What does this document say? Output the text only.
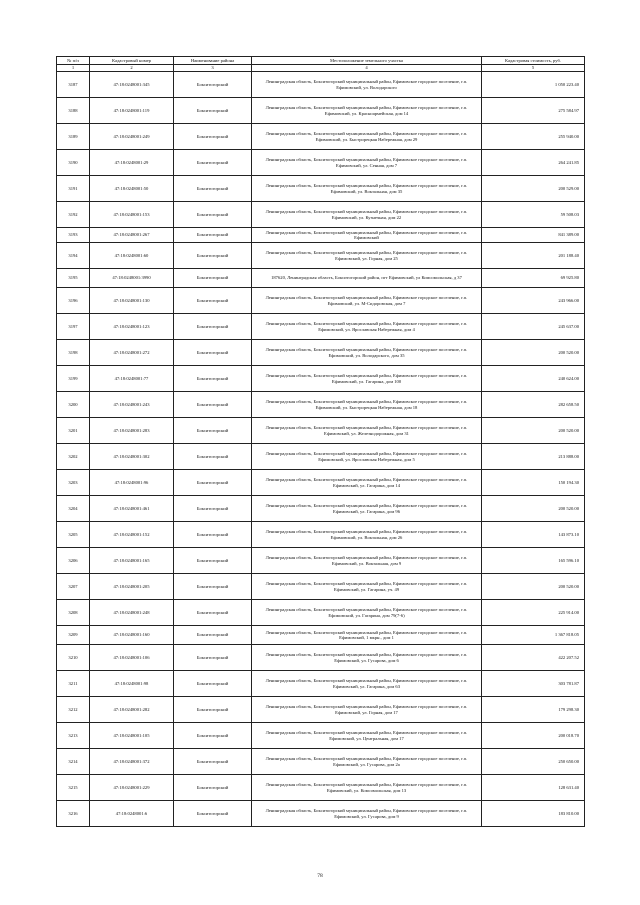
№ п/п	Кадастровый номер	Наименование района	Местоположение земельного участка	Кадастровая стоимость, руб.
1	2	3	4	5
3187	47:18:0248001:345	Бокситогорский	Ленинградская область, Бокситогорский муниципальный район, Ефимовское городское поселение, г.п. Ефимовский, ул. Володарского	1 050 223.40
3188	47:18:0248001:119	Бокситогорский	Ленинградская область, Бокситогорский муниципальный район, Ефимовское городское поселение, г.п. Ефимовский, ул. Красноармейская, дом 14	275 584.97
3189	47:18:0248001:249	Бокситогорский	Ленинградская область, Бокситогорский муниципальный район, Ефимовское городское поселение, г.п. Ефимовский, ул. Быстрорецкая Набережная, дом 29	255 940.00
3190	47:18:0248001:29	Бокситогорский	Ленинградская область, Бокситогорский муниципальный район, Ефимовское городское поселение, г.п. Ефимовский, ул. Сенная, дом 7	264 241.85
3191	47:18:0248001:50	Бокситогорский	Ленинградская область, Бокситогорский муниципальный район, Ефимовское городское поселение, г.п. Ефимовский, ул. Вокзальная, дом 35	200 529.00
3192	47:18:0248001:153	Бокситогорский	Ленинградская область, Бокситогорский муниципальный район, Ефимовское городское поселение, г.п. Ефимовский, ул. Кузнечная, дом 22	59 508.03
3193	47:18:0248001:267	Бокситогорский	Ленинградская область, Бокситогорский муниципальный район, Ефимовское городское поселение, г.п. Ефимовский	841 389.00
3194	47:18:0248001:60	Бокситогорский	Ленинградская область, Бокситогорский муниципальный район, Ефимовское городское поселение, г.п. Ефимовский, ул. Горная, дом 25	201 188.40
3195	47:18:0248001:3990	Бокситогорский	187620, Ленинградская область, Бокситогорский район, пгт Ефимовский, ул Комсомольская, д 37	69 925.80
3196	47:18:0248001:130	Бокситогорский	Ленинградская область, Бокситогорский муниципальный район, Ефимовское городское поселение, г.п. Ефимовский, ул. М-Сидоровская, дом 7	243 966.00
3197	47:18:0248001:123	Бокситогорский	Ленинградская область, Бокситогорский муниципальный район, Ефимовское городское поселение, г.п. Ефимовский, ул. Ярославская Набережная, дом 4	245 637.00
3198	47:18:0248001:272	Бокситогорский	Ленинградская область, Бокситогорский муниципальный район, Ефимовское городское поселение, г.п. Ефимовский, ул. Володарского, дом 35	200 520.00
3199	47:18:0248001:77	Бокситогорский	Ленинградская область, Бокситогорский муниципальный район, Ефимовское городское поселение, г.п. Ефимовский, ул. Гагарина, дом 100	240 624.00
3200	47:18:0248001:243	Бокситогорский	Ленинградская область, Бокситогорский муниципальный район, Ефимовское городское поселение, г.п. Ефимовский, ул. Быстрорецкая Набережная, дом 18	282 658.50
3201	47:18:0248001:283	Бокситогорский	Ленинградская область, Бокситогорский муниципальный район, Ефимовское городское поселение, г.п. Ефимовский, ул. Железнодорожная, дом 31	200 520.00
3202	47:18:0248001:302	Бокситогорский	Ленинградская область, Бокситогорский муниципальный район, Ефимовское городское поселение, г.п. Ефимовский, ул. Ярославская Набережная, дом 5	213 888.00
3203	47:18:0248001:96	Бокситогорский	Ленинградская область, Бокситогорский муниципальный район, Ефимовское городское поселение, г.п. Ефимовский, ул. Гагарина, дом 14	150 194.30
3204	47:18:0248001:461	Бокситогорский	Ленинградская область, Бокситогорский муниципальный район, Ефимовское городское поселение, г.п. Ефимовский, ул. Гагарина, дом 96	200 520.00
3205	47:18:0248001:152	Бокситогорский	Ленинградская область, Бокситогорский муниципальный район, Ефимовское городское поселение, г.п. Ефимовский, ул. Вокзальная, дом 26	143 873.10
3206	47:18:0248001:165	Бокситогорский	Ленинградская область, Бокситогорский муниципальный район, Ефимовское городское поселение, г.п. Ефимовский, ул. Вокзальная, дом 9	165 596.10
3207	47:18:0248001:205	Бокситогорский	Ленинградская область, Бокситогорский муниципальный район, Ефимовское городское поселение, г.п. Ефимовский, ул. Гагарина, уч. 49	200 520.00
3208	47:18:0248001:248	Бокситогорский	Ленинградская область, Бокситогорский муниципальный район, Ефимовское городское поселение, г.п. Ефимовский, ул. Гагарина, дом 79(7-6)	225 914.00
3209	47:18:0248001:160	Бокситогорский	Ленинградская область, Бокситогорский муниципальный район, Ефимовское городское поселение, г.п. Ефимовский, 1 мкрн., дом 1	1 367 818.05
3210	47:18:0248001:106	Бокситогорский	Ленинградская область, Бокситогорский муниципальный район, Ефимовское городское поселение, г.п. Ефимовский, ул. Гусарова, дом 6	422 207.52
3211	47:18:0248001:98	Бокситогорский	Ленинградская область, Бокситогорский муниципальный район, Ефимовское городское поселение, г.п. Ефимовский, ул. Гагарина, дом 63	303 781.87
3212	47:18:0248001:282	Бокситогорский	Ленинградская область, Бокситогорский муниципальный район, Ефимовское городское поселение, г.п. Ефимовский, ул. Горная, дом 17	179 298.30
3213	47:18:0248001:105	Бокситогорский	Ленинградская область, Бокситогорский муниципальный район, Ефимовское городское поселение, г.п. Ефимовский, ул. Центральная, дом 17	200 018.70
3214	47:18:0248001:372	Бокситогорский	Ленинградская область, Бокситогорский муниципальный район, Ефимовское городское поселение, г.п. Ефимовский, ул. Гусарова, дом 2а	250 650.00
3215	47:18:0248001:229	Бокситогорский	Ленинградская область, Бокситогорский муниципальный район, Ефимовское городское поселение, г.п. Ефимовский, ул. Комсомольская, дом 13	128 631.40
3216	47:18:0248001:6	Бокситогорский	Ленинградская область, Бокситогорский муниципальный район, Ефимовское городское поселение, г.п. Ефимовский, ул. Гусарова, дом 9	183 810.00
78
